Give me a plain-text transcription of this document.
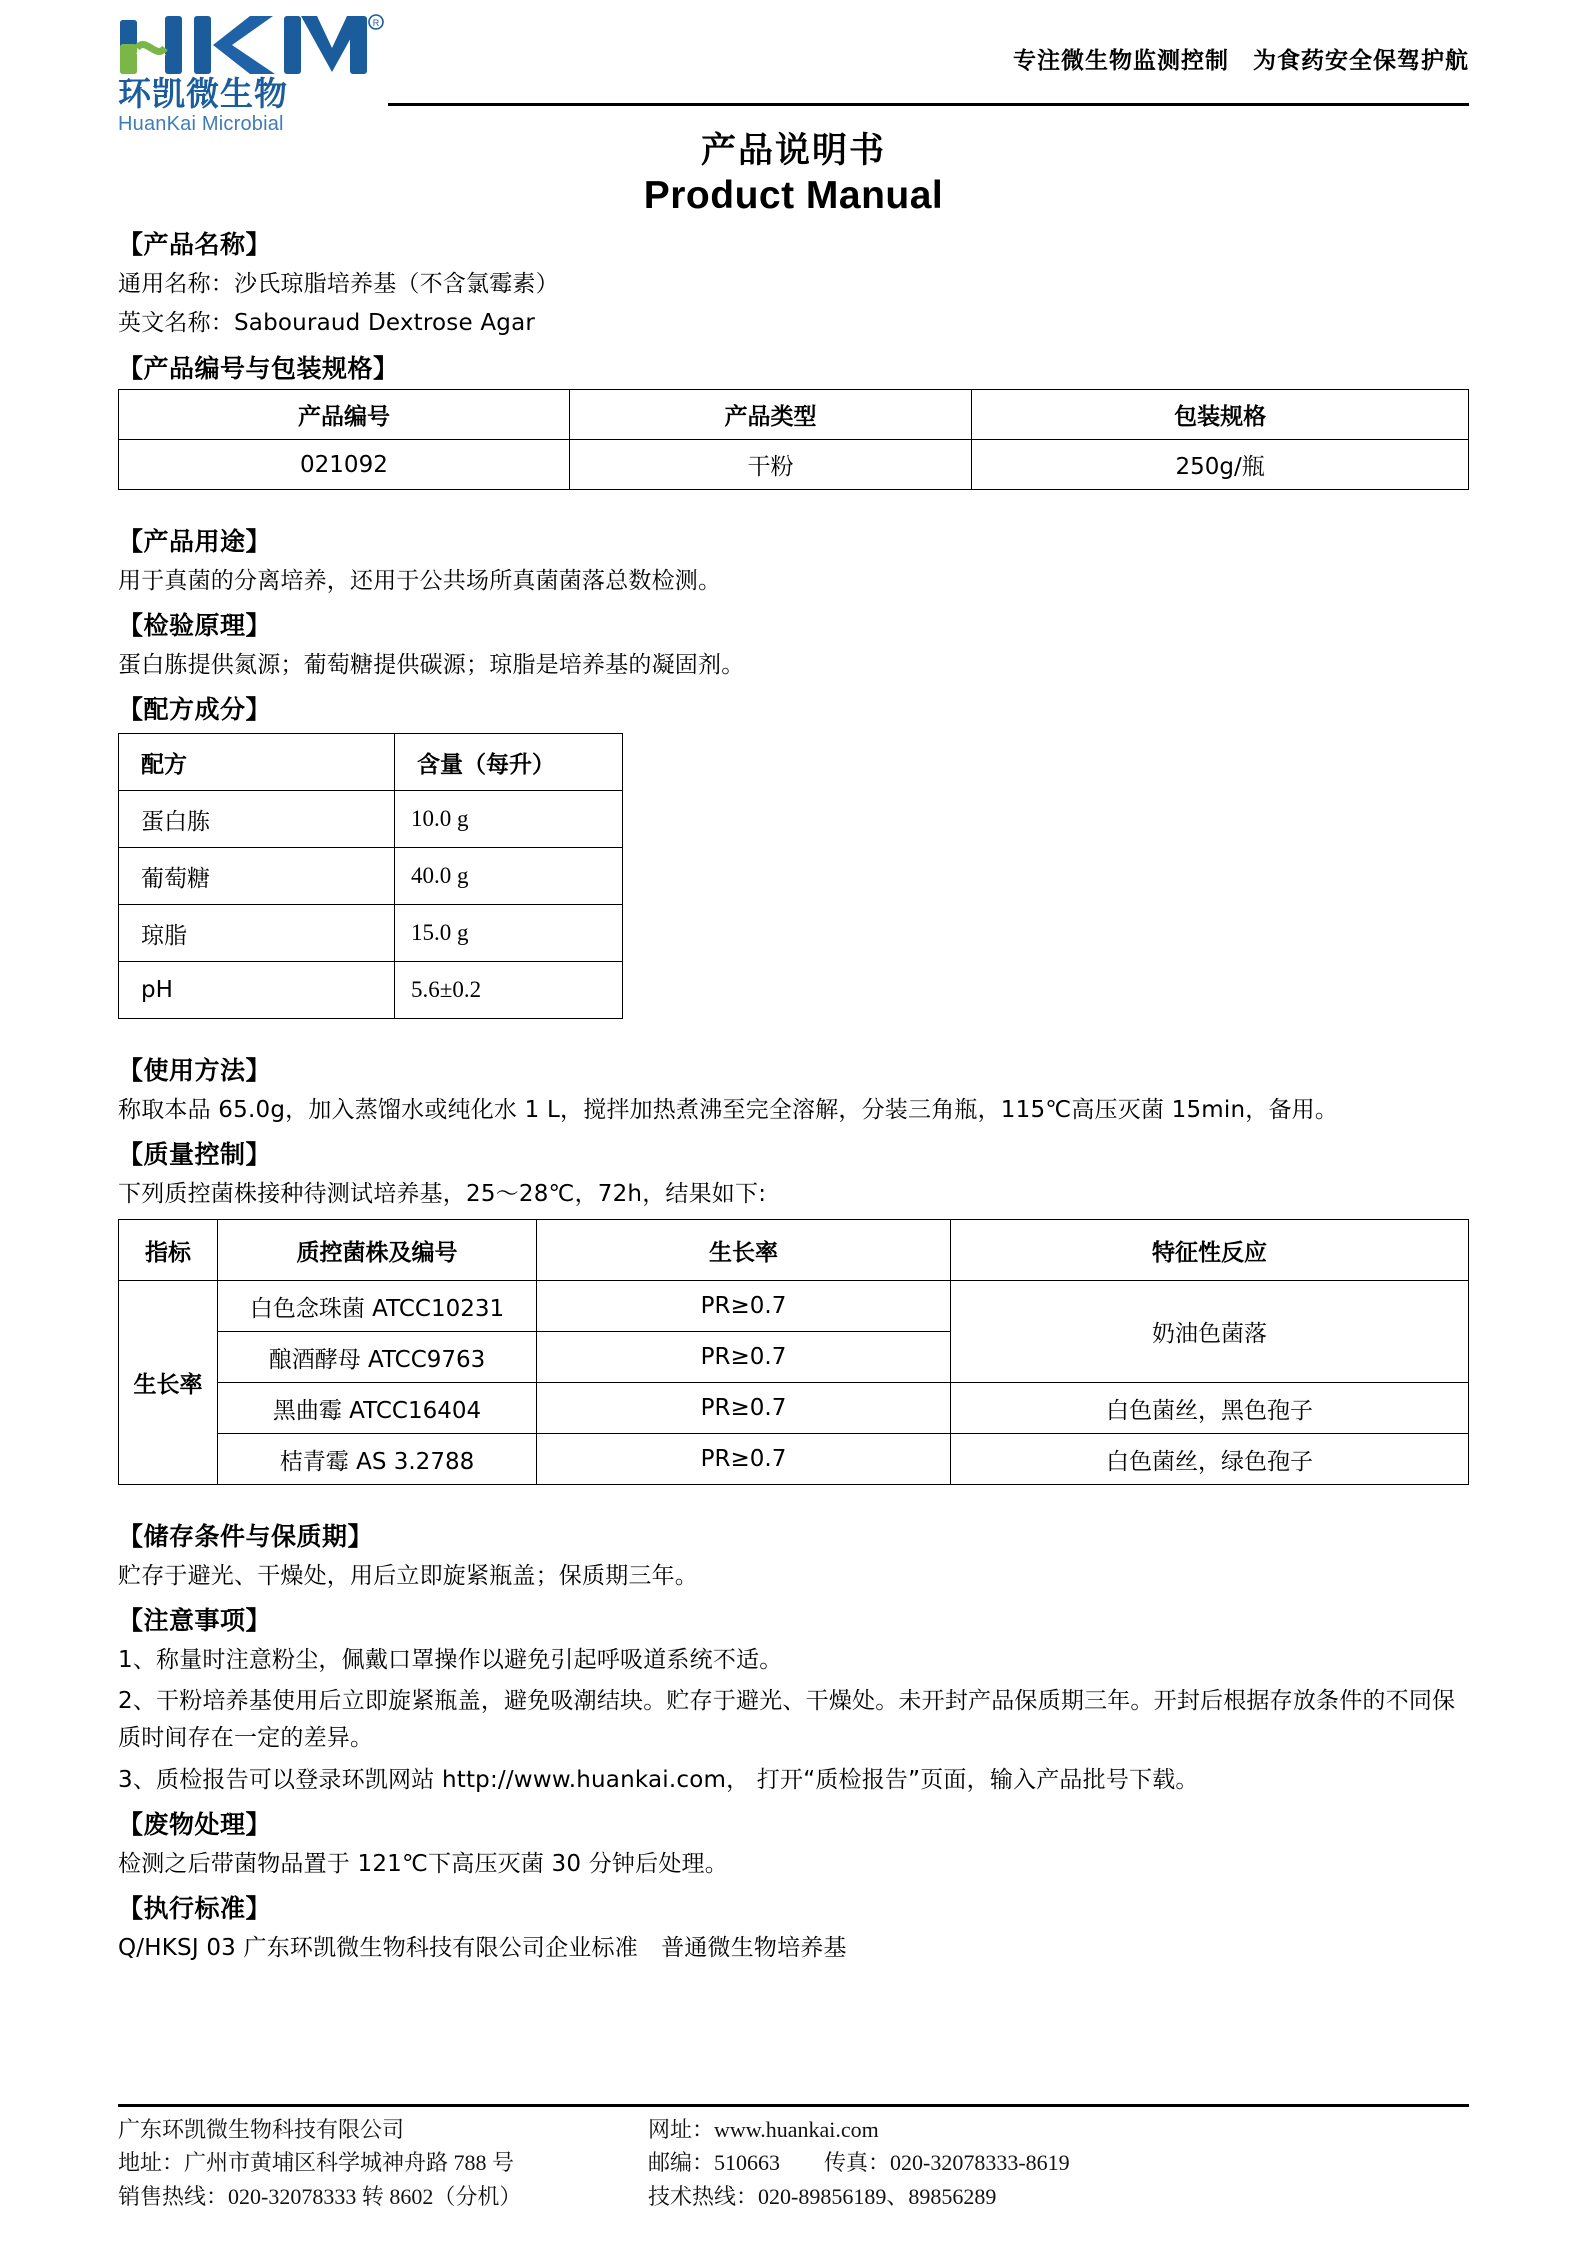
R
环凯微生物
HuanKai Microbial
专注微生物监测控制　为食药安全保驾护航
产品说明书
Product Manual
【产品名称】
通用名称：沙氏琼脂培养基（不含氯霉素）
英文名称：Sabouraud Dextrose Agar
【产品编号与包装规格】
产品编号	产品类型	包装规格
021092	干粉	250g/瓶
【产品用途】
用于真菌的分离培养，还用于公共场所真菌菌落总数检测。
【检验原理】
蛋白胨提供氮源；葡萄糖提供碳源；琼脂是培养基的凝固剂。
【配方成分】
配方	含量（每升）
蛋白胨	10.0 g
葡萄糖	40.0 g
琼脂	15.0 g
pH	5.6±0.2
【使用方法】
称取本品 65.0g，加入蒸馏水或纯化水 1 L，搅拌加热煮沸至完全溶解，分装三角瓶，115℃高压灭菌 15min，备用。
【质量控制】
下列质控菌株接种待测试培养基，25～28℃，72h，结果如下:
指标	质控菌株及编号	生长率	特征性反应
生长率	白色念珠菌 ATCC10231	PR≥0.7	奶油色菌落
	酿酒酵母 ATCC9763	PR≥0.7	
	黑曲霉 ATCC16404	PR≥0.7	白色菌丝，黑色孢子
	桔青霉 AS 3.2788	PR≥0.7	白色菌丝，绿色孢子
【储存条件与保质期】
贮存于避光、干燥处，用后立即旋紧瓶盖；保质期三年。
【注意事项】
1、称量时注意粉尘，佩戴口罩操作以避免引起呼吸道系统不适。
2、干粉培养基使用后立即旋紧瓶盖，避免吸潮结块。贮存于避光、干燥处。未开封产品保质期三年。开封后根据存放条件的不同保质时间存在一定的差异。
3、质检报告可以登录环凯网站 http://www.huankai.com， 打开“质检报告”页面，输入产品批号下载。
【废物处理】
检测之后带菌物品置于 121℃下高压灭菌 30 分钟后处理。
【执行标准】
Q/HKSJ 03 广东环凯微生物科技有限公司企业标准　普通微生物培养基
广东环凯微生物科技有限公司
地址：广州市黄埔区科学城神舟路 788 号
销售热线：020-32078333 转 8602（分机）
网址：www.huankai.com
邮编：510663　　传真：020-32078333-8619
技术热线：020-89856189、89856289
